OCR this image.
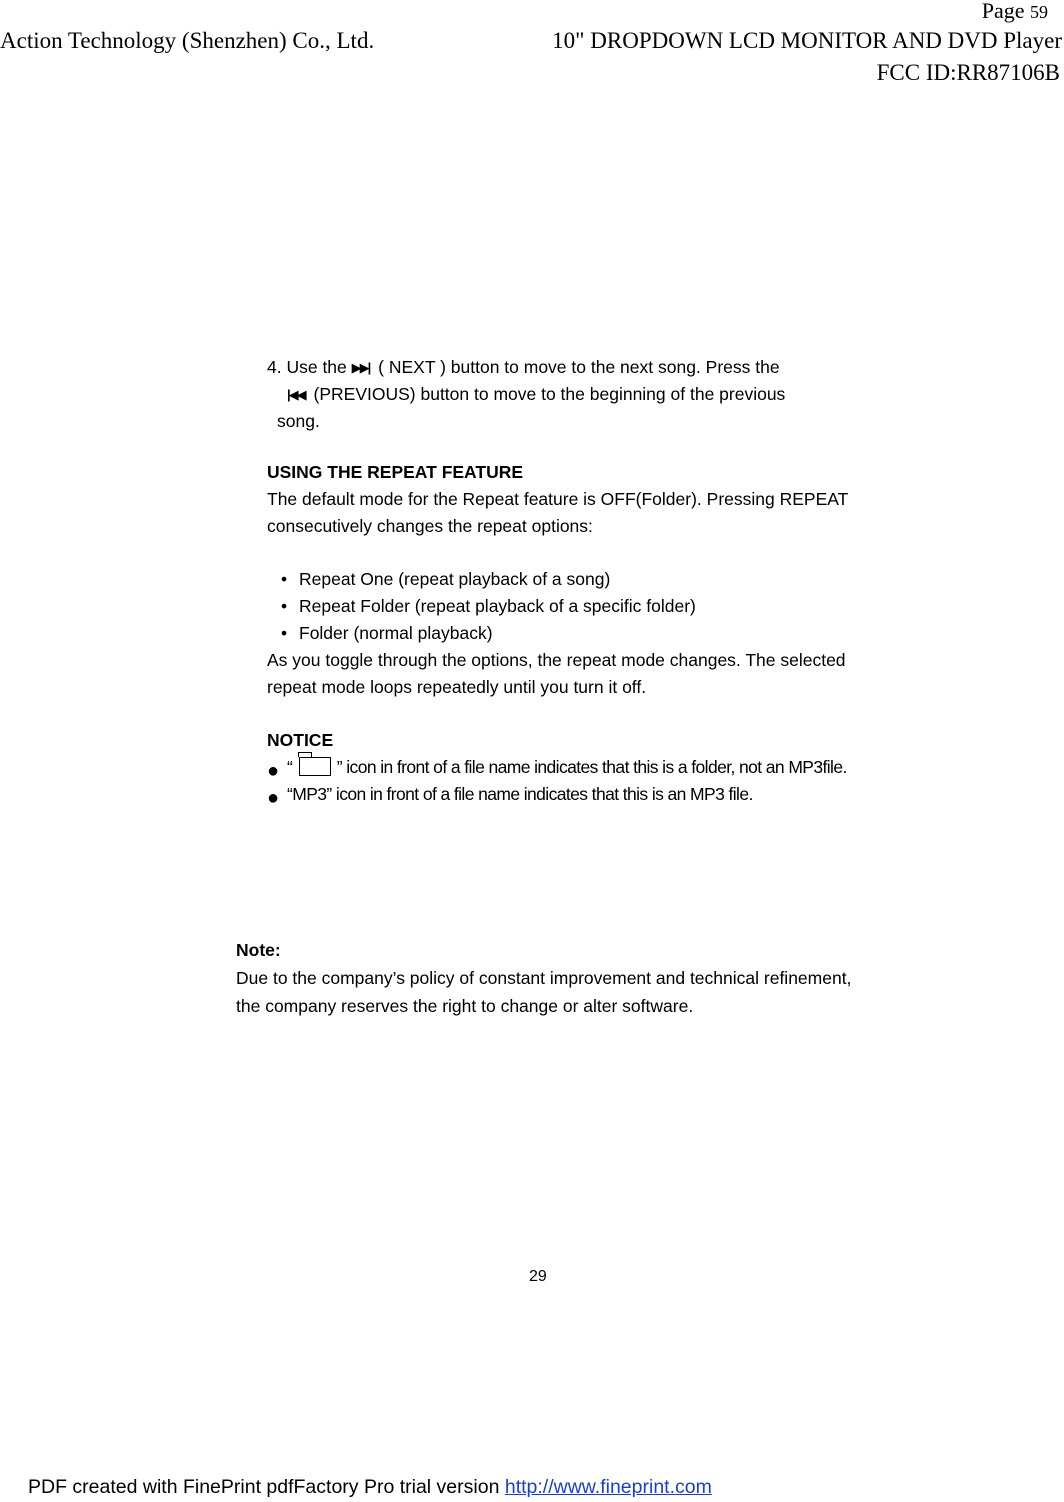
Page 59
Action Technology (Shenzhen) Co., Ltd.	10" DROPDOWN LCD MONITOR AND DVD Player
FCC ID:RR87106B

4. Use the ▶▶| ( NEXT ) button to move to the next song. Press the
|◀◀ (PREVIOUS) button to move to the beginning of the previous
song.

USING THE REPEAT FEATURE

The default mode for the Repeat feature is OFF(Folder). Pressing REPEAT consecutively changes the repeat options:

• Repeat One (repeat playback of a song)
• Repeat Folder (repeat playback of a specific folder)
• Folder (normal playback)

As you toggle through the options, the repeat mode changes. The selected repeat mode loops repeatedly until you turn it off.

NOTICE
● “	” icon in front of a file name indicates that this is a folder, not an MP3file.
● “MP3” icon in front of a file name indicates that this is an MP3 file.
Note:

Due to the company’s policy of constant improvement and technical refinement, the company reserves the right to change or alter software.

29
PDF created with FinePrint pdfFactory Pro trial version http://www.fineprint.com
